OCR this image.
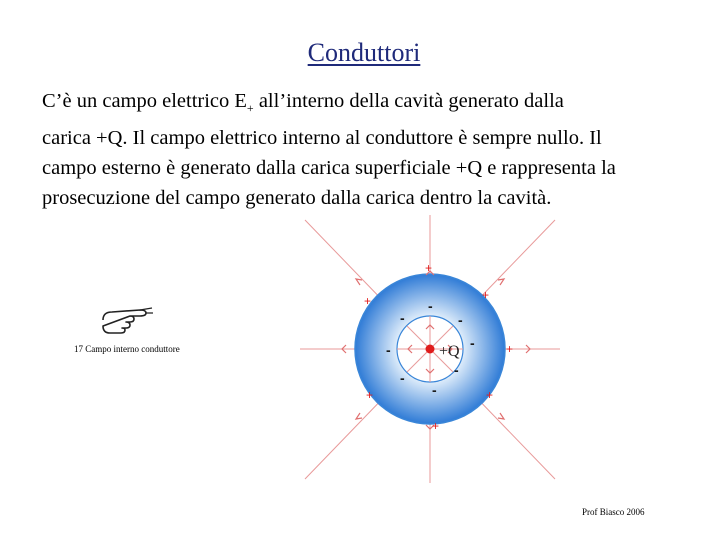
Conduttori
C’è un campo elettrico $E_+$ all’interno della cavità generato dalla
carica +Q. Il campo elettrico interno al conduttore è sempre nullo. Il
campo esterno è generato dalla carica superficiale +Q e rappresenta la
prosecuzione del campo generato dalla carica dentro la cavità.
17 Campo interno conduttore	+Q
+
+
+
+
+	+
+
-
-	-
-	-
-	-
-
Prof Biasco 2006
